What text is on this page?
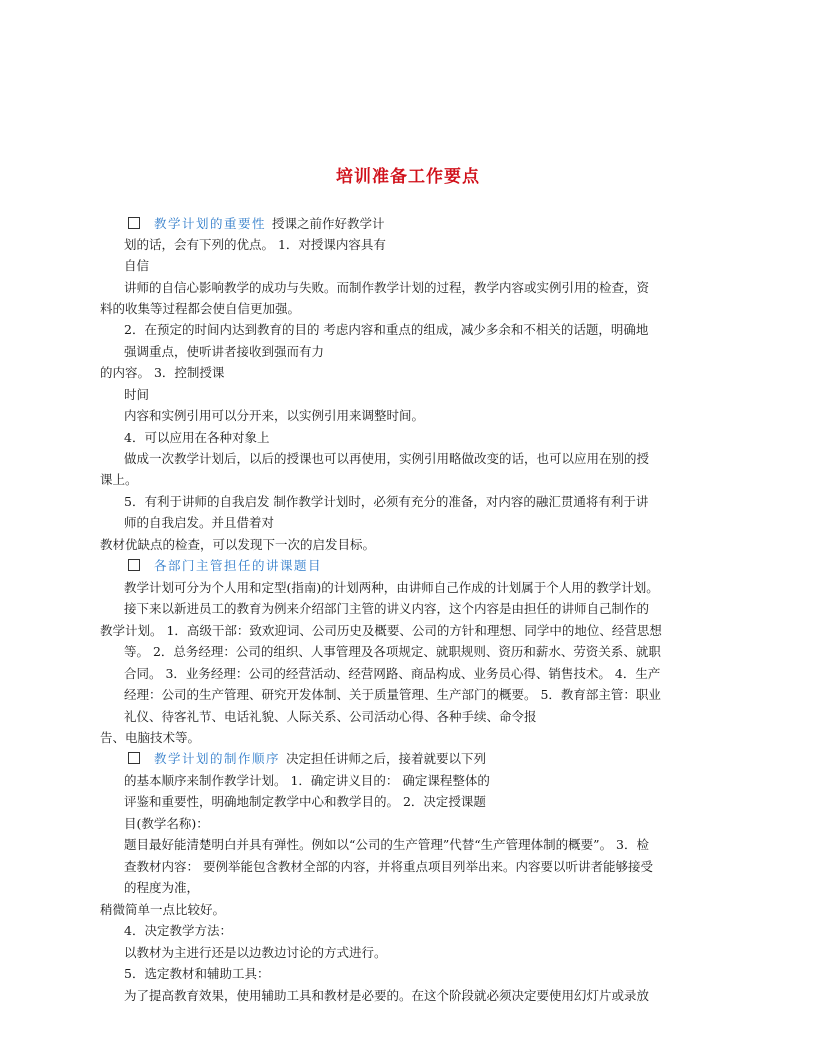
培训准备工作要点
教学计划的重要性 授课之前作好教学计
划的话，会有下列的优点。 1．对授课内容具有
自信
讲师的自信心影响教学的成功与失败。而制作教学计划的过程，教学内容或实例引用的检查，资
料的收集等过程都会使自信更加强。
2．在预定的时间内达到教育的目的 考虑内容和重点的组成，减少多余和不相关的话题，明确地
强调重点，使听讲者接收到强而有力
的内容。 3．控制授课
时间
内容和实例引用可以分开来，以实例引用来调整时间。
4．可以应用在各种对象上
做成一次教学计划后，以后的授课也可以再使用，实例引用略做改变的话，也可以应用在别的授
课上。
5．有利于讲师的自我启发 制作教学计划时，必须有充分的准备，对内容的融汇贯通将有利于讲
师的自我启发。并且借着对
教材优缺点的检查，可以发现下一次的启发目标。
各部门主管担任的讲课题目
教学计划可分为个人用和定型(指南)的计划两种，由讲师自己作成的计划属于个人用的教学计划。
接下来以新进员工的教育为例来介绍部门主管的讲义内容，这个内容是由担任的讲师自己制作的
教学计划。 1．高级干部：致欢迎词、公司历史及概要、公司的方针和理想、同学中的地位、经营思想
等。 2．总务经理：公司的组织、人事管理及各项规定、就职规则、资历和薪水、劳资关系、就职
合同。 3．业务经理：公司的经营活动、经营网路、商品构成、业务员心得、销售技术。 4．生产
经理：公司的生产管理、研究开发体制、关于质量管理、生产部门的概要。 5．教育部主管：职业
礼仪、待客礼节、电话礼貌、人际关系、公司活动心得、各种手续、命令报
告、电脑技术等。
教学计划的制作顺序 决定担任讲师之后，接着就要以下列
的基本顺序来制作教学计划。 1．确定讲义目的： 确定课程整体的
评鉴和重要性，明确地制定教学中心和教学目的。 2．决定授课题
目(教学名称)：
题目最好能清楚明白并具有弹性。例如以“公司的生产管理”代替“生产管理体制的概要”。 3．检
查教材内容： 要例举能包含教材全部的内容，并将重点项目列举出来。内容要以听讲者能够接受
的程度为准，
稍微简单一点比较好。
4．决定教学方法：
以教材为主进行还是以边教边讨论的方式进行。
5．选定教材和辅助工具：
为了提高教育效果，使用辅助工具和教材是必要的。在这个阶段就必须决定要使用幻灯片或录放
